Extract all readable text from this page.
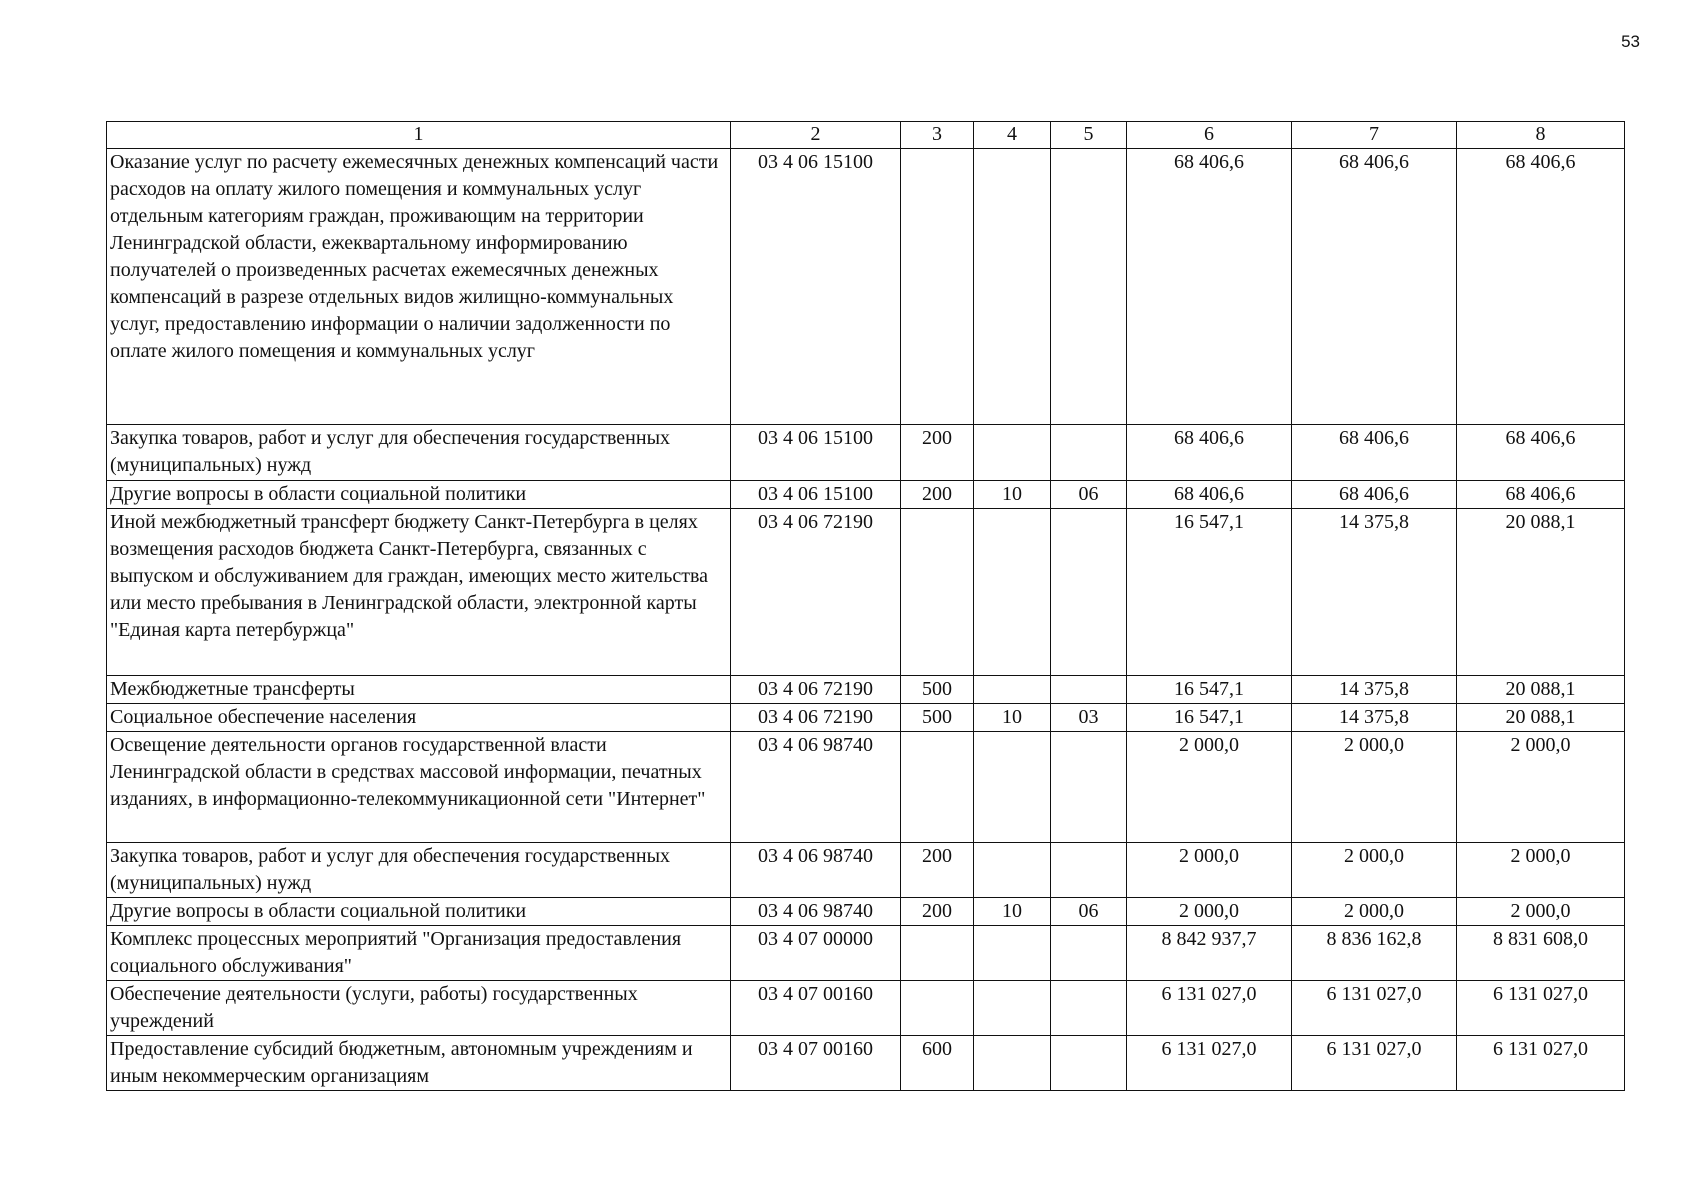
53
1	2	3	4	5	6	7	8
Оказание услуг по расчету ежемесячных денежных компенсаций части расходов на оплату жилого помещения и коммунальных услуг отдельным категориям граждан, проживающим на территории Ленинградской области, ежеквартальному информированию получателей о произведенных расчетах ежемесячных денежных компенсаций в разрезе отдельных видов жилищно-коммунальных услуг, предоставлению информации о наличии задолженности по оплате жилого помещения и коммунальных услуг	03 4 06 15100				68 406,6	68 406,6	68 406,6
Закупка товаров, работ и услуг для обеспечения государственных (муниципальных) нужд	03 4 06 15100	200			68 406,6	68 406,6	68 406,6
Другие вопросы в области социальной политики	03 4 06 15100	200	10	06	68 406,6	68 406,6	68 406,6
Иной межбюджетный трансферт бюджету Санкт-Петербурга в целях возмещения расходов бюджета Санкт-Петербурга, связанных с выпуском и обслуживанием для граждан, имеющих место жительства или место пребывания в Ленинградской области, электронной карты "Единая карта петербуржца"	03 4 06 72190				16 547,1	14 375,8	20 088,1
Межбюджетные трансферты	03 4 06 72190	500			16 547,1	14 375,8	20 088,1
Социальное обеспечение населения	03 4 06 72190	500	10	03	16 547,1	14 375,8	20 088,1
Освещение деятельности органов государственной власти Ленинградской области в средствах массовой информации, печатных изданиях, в информационно-телекоммуникационной сети "Интернет"	03 4 06 98740				2 000,0	2 000,0	2 000,0
Закупка товаров, работ и услуг для обеспечения государственных (муниципальных) нужд	03 4 06 98740	200			2 000,0	2 000,0	2 000,0
Другие вопросы в области социальной политики	03 4 06 98740	200	10	06	2 000,0	2 000,0	2 000,0
Комплекс процессных мероприятий "Организация предоставления социального обслуживания"	03 4 07 00000				8 842 937,7	8 836 162,8	8 831 608,0
Обеспечение деятельности (услуги, работы) государственных учреждений	03 4 07 00160				6 131 027,0	6 131 027,0	6 131 027,0
Предоставление субсидий бюджетным, автономным учреждениям и иным некоммерческим организациям	03 4 07 00160	600			6 131 027,0	6 131 027,0	6 131 027,0
